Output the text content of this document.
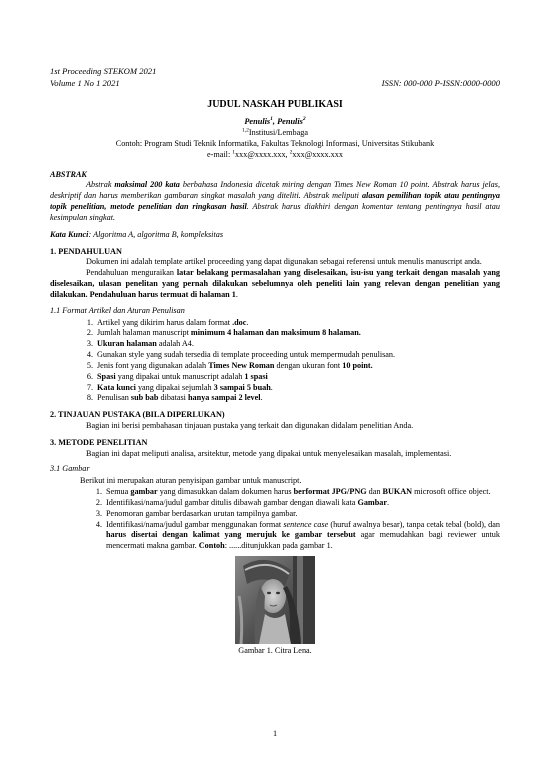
1st Proceeding STEKOM 2021
Volume 1 No 1 2021	ISSN: 000-000 P-ISSN:0000-0000

JUDUL NASKAH PUBLIKASI

Penulis$^1$, Penulis$^2$

$^{1,2}$Institusi/Lembaga

Contoh: Program Studi Teknik Informatika, Fakultas Teknologi Informasi, Universitas Stikubank

e-mail: $^1$xxx@xxxx.xxx, $^2$xxx@xxxx.xxx

ABSTRAK

Abstrak maksimal 200 kata berbahasa Indonesia dicetak miring dengan Times New Roman 10 point. Abstrak harus jelas, deskriptif dan harus memberikan gambaran singkat masalah yang diteliti. Abstrak meliputi alasan pemilihan topik atau pentingnya topik penelitian, metode penelitian dan ringkasan hasil. Abstrak harus diakhiri dengan komentar tentang pentingnya hasil atau kesimpulan singkat.

Kata Kunci: Algoritma A, algoritma B, kompleksitas

1. PENDAHULUAN

Dokumen ini adalah template artikel proceeding yang dapat digunakan sebagai referensi untuk menulis manuscript anda.

Pendahuluan menguraikan latar belakang permasalahan yang diselesaikan, isu-isu yang terkait dengan masalah yang diselesaikan, ulasan penelitan yang pernah dilakukan sebelumnya oleh peneliti lain yang relevan dengan penelitian yang dilakukan. Pendahuluan harus termuat di halaman 1.

1.1 Format Artikel dan Aturan Penulisan

1. Artikel yang dikirim harus dalam format .doc.
2. Jumlah halaman manuscript minimum 4 halaman dan maksimum 8 halaman.
3. Ukuran halaman adalah A4.
4. Gunakan style yang sudah tersedia di template proceeding untuk mempermudah penulisan.
5. Jenis font yang digunakan adalah Times New Roman dengan ukuran font 10 point.
6. Spasi yang dipakai untuk manuscript adalah 1 spasi
7. Kata kunci yang dipakai sejumlah 3 sampai 5 buah.
8. Penulisan sub bab dibatasi hanya sampai 2 level.

2. TINJAUAN PUSTAKA (BILA DIPERLUKAN)

Bagian ini berisi pembahasan tinjauan pustaka yang terkait dan digunakan didalam penelitian Anda.

3. METODE PENELITIAN

Bagian ini dapat meliputi analisa, arsitektur, metode yang dipakai untuk menyelesaikan masalah, implementasi.

3.1 Gambar

Berikut ini merupakan aturan penyisipan gambar untuk manuscript.

1. Semua gambar yang dimasukkan dalam dokumen harus berformat JPG/PNG dan BUKAN microsoft office object.
2. Identifikasi/nama/judul gambar ditulis dibawah gambar dengan diawali kata Gambar.
3. Penomoran gambar berdasarkan urutan tampilnya gambar.
4. Identifikasi/nama/judul gambar menggunakan format sentence case (huruf awalnya besar), tanpa cetak tebal (bold), dan harus disertai dengan kalimat yang merujuk ke gambar tersebut agar memudahkan bagi reviewer untuk mencermati makna gambar. Contoh: ......ditunjukkan pada gambar 1.

Gambar 1. Citra Lena.

1
